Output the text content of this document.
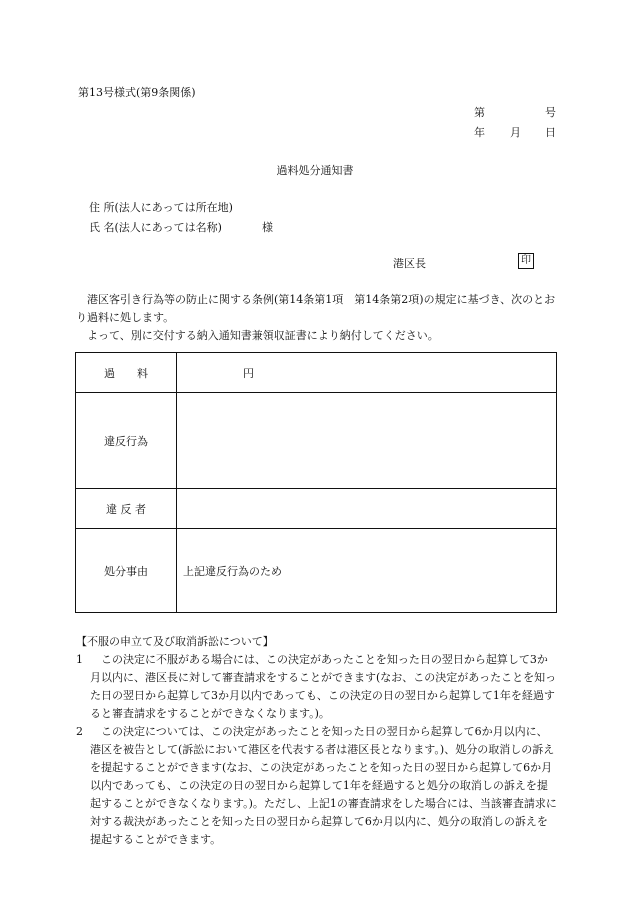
第13号様式(第9条関係)
第	号
年 月 日
過料処分通知書
住 所(法人にあっては所在地)
氏 名(法人にあっては名称)	様
港区長	印

港区客引き行為等の防止に関する条例(第14条第1項　第14条第2項)の規定に基づき、次のとおり過料に処します。

よって、別に交付する納入通知書兼領収証書により納付してください。

過　　料	円
違反行為	
違 反 者	
処分事由	上記違反行為のため

【不服の申立て及び取消訴訟について】

1	この決定に不服がある場合には、この決定があったことを知った日の翌日から起算して3か月以内に、港区長に対して審査請求をすることができます(なお、この決定があったことを知った日の翌日から起算して3か月以内であっても、この決定の日の翌日から起算して1年を経過すると審査請求をすることができなくなります。)。
2	この決定については、この決定があったことを知った日の翌日から起算して6か月以内に、港区を被告として(訴訟において港区を代表する者は港区長となります。)、処分の取消しの訴えを提起することができます(なお、この決定があったことを知った日の翌日から起算して6か月以内であっても、この決定の日の翌日から起算して1年を経過すると処分の取消しの訴えを提起することができなくなります。)。ただし、上記1の審査請求をした場合には、当該審査請求に対する裁決があったことを知った日の翌日から起算して6か月以内に、処分の取消しの訴えを提起することができます。
